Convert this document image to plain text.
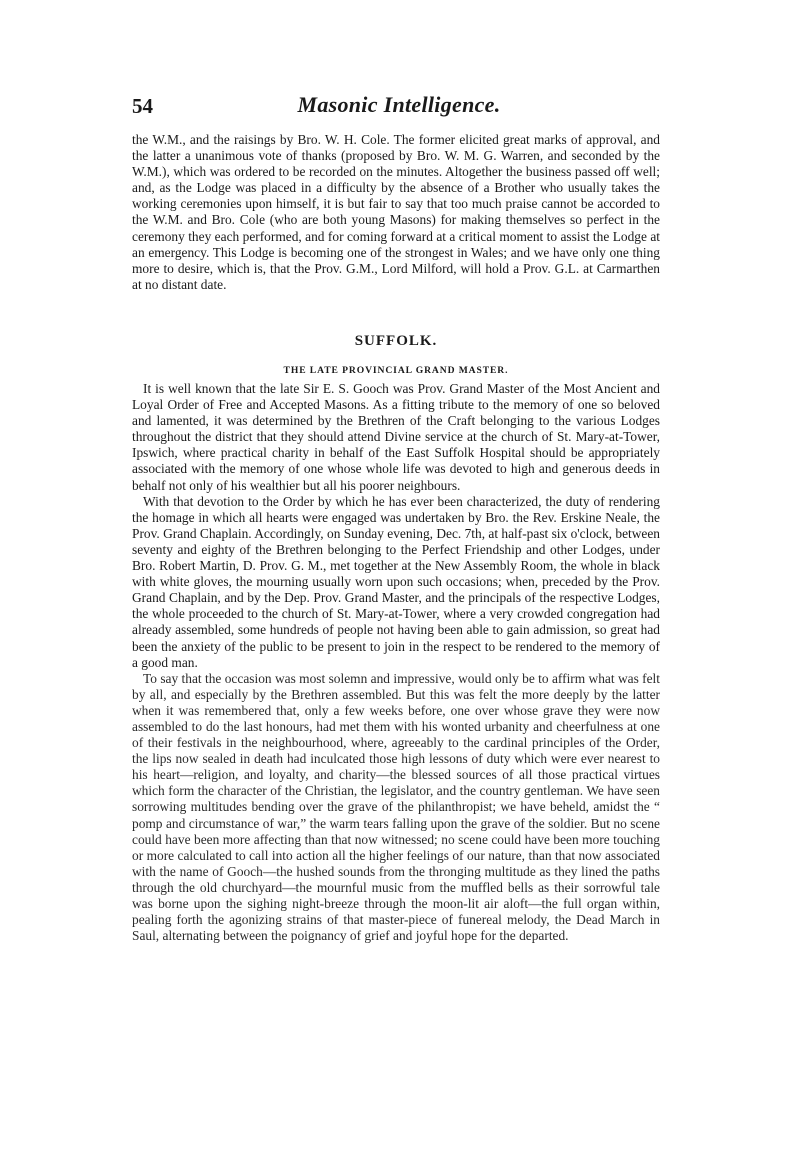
54	Masonic Intelligence.

the W.M., and the raisings by Bro. W. H. Cole. The former elicited great marks of approval, and the latter a unanimous vote of thanks (proposed by Bro. W. M. G. Warren, and seconded by the W.M.), which was ordered to be recorded on the minutes. Altogether the business passed off well; and, as the Lodge was placed in a difficulty by the absence of a Brother who usually takes the working ceremonies upon himself, it is but fair to say that too much praise cannot be accorded to the W.M. and Bro. Cole (who are both young Masons) for making themselves so perfect in the ceremony they each performed, and for coming forward at a critical moment to assist the Lodge at an emergency. This Lodge is becoming one of the strongest in Wales; and we have only one thing more to desire, which is, that the Prov. G.M., Lord Milford, will hold a Prov. G.L. at Carmarthen at no distant date.

SUFFOLK.
THE LATE PROVINCIAL GRAND MASTER.

It is well known that the late Sir E. S. Gooch was Prov. Grand Master of the Most Ancient and Loyal Order of Free and Accepted Masons. As a fitting tribute to the memory of one so beloved and lamented, it was determined by the Brethren of the Craft belonging to the various Lodges throughout the district that they should attend Divine service at the church of St. Mary-at-Tower, Ipswich, where practical charity in behalf of the East Suffolk Hospital should be appropriately associated with the memory of one whose whole life was devoted to high and generous deeds in behalf not only of his wealthier but all his poorer neighbours.

With that devotion to the Order by which he has ever been characterized, the duty of rendering the homage in which all hearts were engaged was undertaken by Bro. the Rev. Erskine Neale, the Prov. Grand Chaplain. Accordingly, on Sunday evening, Dec. 7th, at half-past six o'clock, between seventy and eighty of the Brethren belonging to the Perfect Friendship and other Lodges, under Bro. Robert Martin, D. Prov. G. M., met together at the New Assembly Room, the whole in black with white gloves, the mourning usually worn upon such occasions; when, preceded by the Prov. Grand Chaplain, and by the Dep. Prov. Grand Master, and the principals of the respective Lodges, the whole proceeded to the church of St. Mary-at-Tower, where a very crowded congregation had already assembled, some hundreds of people not having been able to gain admission, so great had been the anxiety of the public to be present to join in the respect to be rendered to the memory of a good man.

To say that the occasion was most solemn and impressive, would only be to affirm what was felt by all, and especially by the Brethren assembled. But this was felt the more deeply by the latter when it was remembered that, only a few weeks before, one over whose grave they were now assembled to do the last honours, had met them with his wonted urbanity and cheerfulness at one of their festivals in the neighbourhood, where, agreeably to the cardinal principles of the Order, the lips now sealed in death had inculcated those high lessons of duty which were ever nearest to his heart—religion, and loyalty, and charity—the blessed sources of all those practical virtues which form the character of the Christian, the legislator, and the country gentleman. We have seen sorrowing multitudes bending over the grave of the philanthropist; we have beheld, amidst the “ pomp and circumstance of war,” the warm tears falling upon the grave of the soldier. But no scene could have been more affecting than that now witnessed; no scene could have been more touching or more calculated to call into action all the higher feelings of our nature, than that now associated with the name of Gooch—the hushed sounds from the thronging multitude as they lined the paths through the old churchyard—the mournful music from the muffled bells as their sorrowful tale was borne upon the sighing night-breeze through the moon-lit air aloft—the full organ within, pealing forth the agonizing strains of that master-piece of funereal melody, the Dead March in Saul, alternating between the poignancy of grief and joyful hope for the departed.
